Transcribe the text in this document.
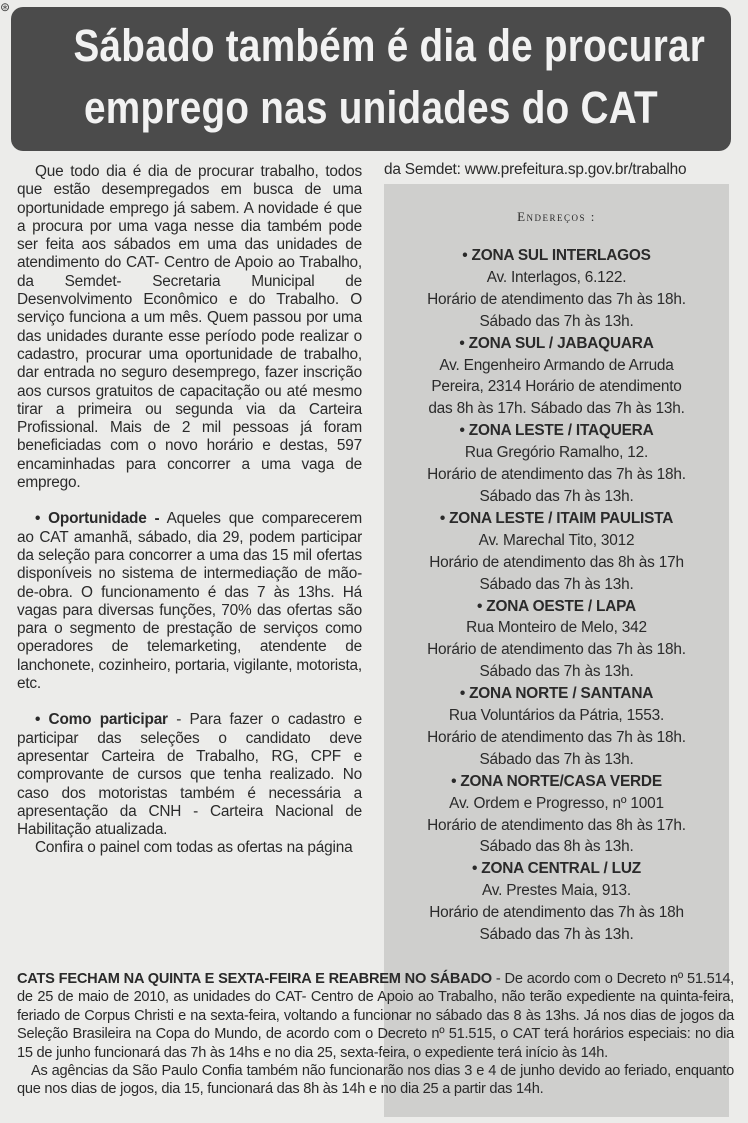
⊛
Sábado também é dia de procurar
emprego nas unidades do CAT

Que todo dia é dia de procurar trabalho, todos que estão desempregados em busca de uma oportunidade emprego já sabem. A novidade é que a procura por uma vaga nesse dia também pode ser feita aos sábados em uma das unidades de atendimento do CAT- Centro de Apoio ao Trabalho, da Semdet- Secretaria Municipal de Desenvolvimento Econômico e do Trabalho. O serviço funciona a um mês. Quem passou por uma das unidades durante esse período pode realizar o cadastro, procurar uma oportunidade de trabalho, dar entrada no seguro desemprego, fazer inscrição aos cursos gratuitos de capacitação ou até mesmo tirar a primeira ou segunda via da Carteira Profissional. Mais de 2 mil pessoas já foram beneficiadas com o novo horário e destas, 597 encaminhadas para concorrer a uma vaga de emprego.

• Oportunidade - Aqueles que comparecerem ao CAT amanhã, sábado, dia 29, podem participar da seleção para concorrer a uma das 15 mil ofertas disponíveis no sistema de intermediação de mão-de-obra. O funcionamento é das 7 às 13hs. Há vagas para diversas funções, 70% das ofertas são para o segmento de prestação de serviços como operadores de telemarketing, atendente de lanchonete, cozinheiro, portaria, vigilante, motorista, etc.

• Como participar - Para fazer o cadastro e participar das seleções o candidato deve apresentar Carteira de Trabalho, RG, CPF e comprovante de cursos que tenha realizado. No caso dos motoristas também é necessária a apresentação da CNH - Carteira Nacional de Habilitação atualizada.

Confira o painel com todas as ofertas na página

da Semdet: www.prefeitura.sp.gov.br/trabalho
Endereços :
• ZONA SUL INTERLAGOS
Av. Interlagos, 6.122.
Horário de atendimento das 7h às 18h.
Sábado das 7h às 13h.
• ZONA SUL / JABAQUARA
Av. Engenheiro Armando de Arruda
Pereira, 2314 Horário de atendimento
das 8h às 17h. Sábado das 7h às 13h.
• ZONA LESTE / ITAQUERA
Rua Gregório Ramalho, 12.
Horário de atendimento das 7h às 18h.
Sábado das 7h às 13h.
• ZONA LESTE / ITAIM PAULISTA
Av. Marechal Tito, 3012
Horário de atendimento das 8h às 17h
Sábado das 7h às 13h.
• ZONA OESTE / LAPA
Rua Monteiro de Melo, 342
Horário de atendimento das 7h às 18h.
Sábado das 7h às 13h.
• ZONA NORTE / SANTANA
Rua Voluntários da Pátria, 1553.
Horário de atendimento das 7h às 18h.
Sábado das 7h às 13h.
• ZONA NORTE/CASA VERDE
Av. Ordem e Progresso, nº 1001
Horário de atendimento das 8h às 17h.
Sábado das 8h às 13h.
• ZONA CENTRAL / LUZ
Av. Prestes Maia, 913.
Horário de atendimento das 7h às 18h
Sábado das 7h às 13h.

CATS FECHAM NA QUINTA E SEXTA-FEIRA E REABREM NO SÁBADO - De acordo com o Decreto nº 51.514, de 25 de maio de 2010, as unidades do CAT- Centro de Apoio ao Trabalho, não terão expediente na quinta-feira, feriado de Corpus Christi e na sexta-feira, voltando a funcionar no sábado das 8 às 13hs. Já nos dias de jogos da Seleção Brasileira na Copa do Mundo, de acordo com o Decreto nº 51.515, o CAT terá horários especiais: no dia 15 de junho funcionará das 7h às 14hs e no dia 25, sexta-feira, o expediente terá início às 14h.

As agências da São Paulo Confia também não funcionarão nos dias 3 e 4 de junho devido ao feriado, enquanto que nos dias de jogos, dia 15, funcionará das 8h às 14h e no dia 25 a partir das 14h.
